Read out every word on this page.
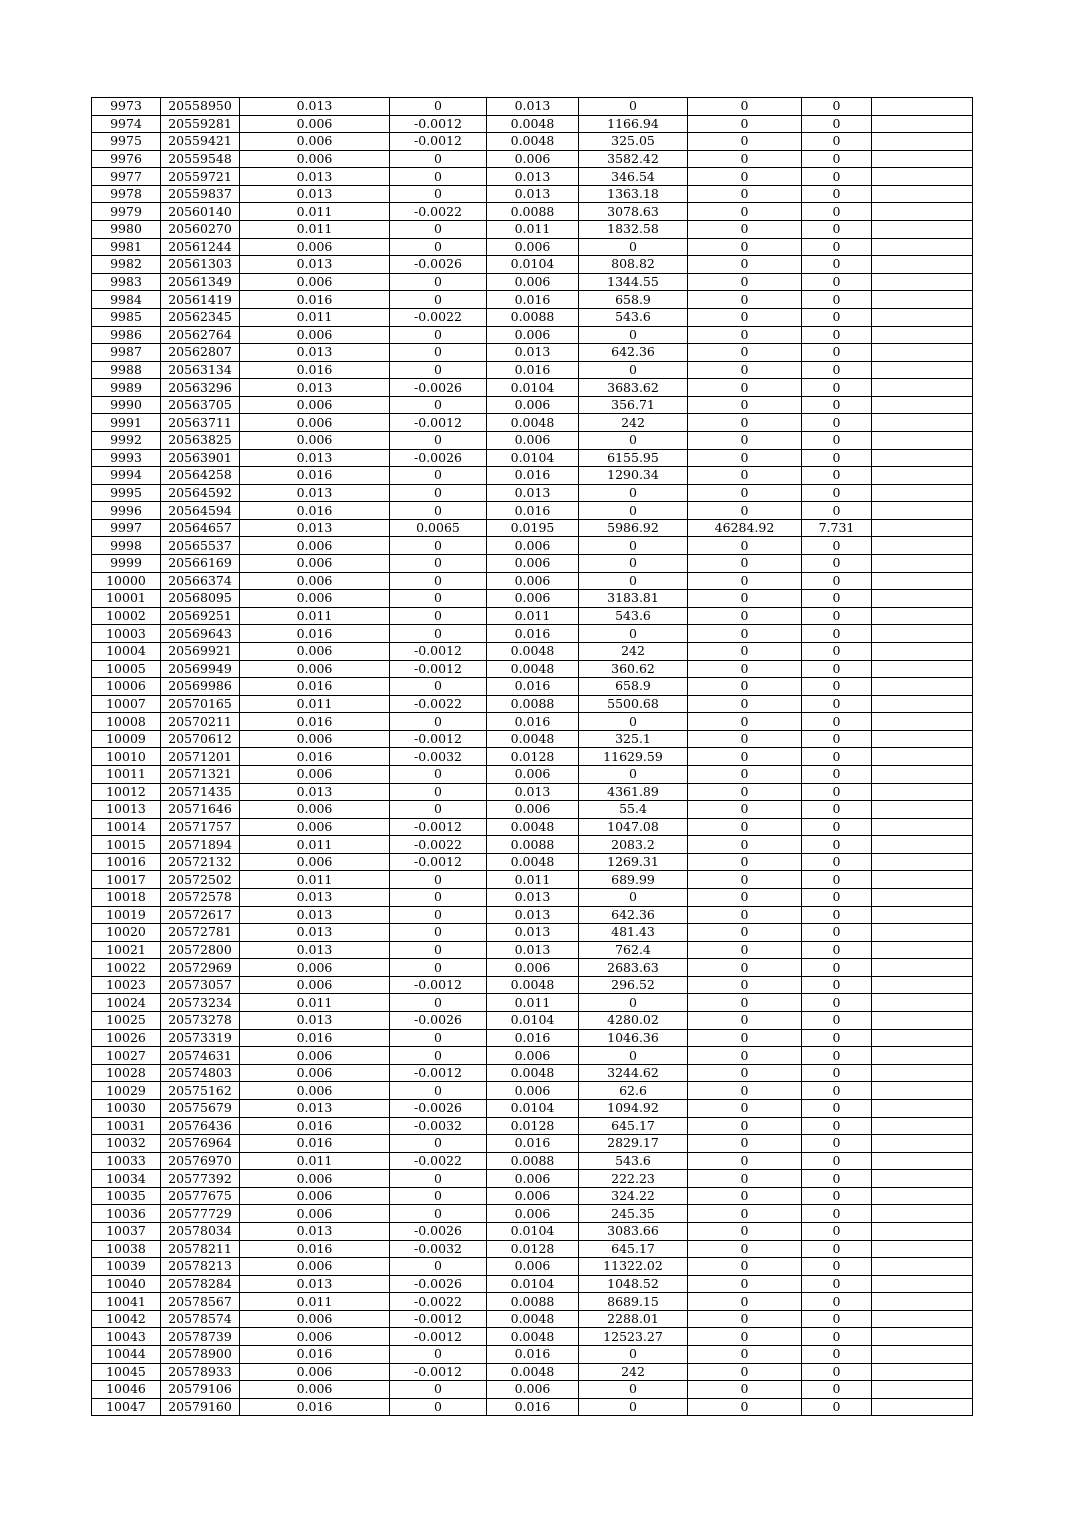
9973	20558950	0.013	0	0.013	0	0	0	
9974	20559281	0.006	-0.0012	0.0048	1166.94	0	0	
9975	20559421	0.006	-0.0012	0.0048	325.05	0	0	
9976	20559548	0.006	0	0.006	3582.42	0	0	
9977	20559721	0.013	0	0.013	346.54	0	0	
9978	20559837	0.013	0	0.013	1363.18	0	0	
9979	20560140	0.011	-0.0022	0.0088	3078.63	0	0	
9980	20560270	0.011	0	0.011	1832.58	0	0	
9981	20561244	0.006	0	0.006	0	0	0	
9982	20561303	0.013	-0.0026	0.0104	808.82	0	0	
9983	20561349	0.006	0	0.006	1344.55	0	0	
9984	20561419	0.016	0	0.016	658.9	0	0	
9985	20562345	0.011	-0.0022	0.0088	543.6	0	0	
9986	20562764	0.006	0	0.006	0	0	0	
9987	20562807	0.013	0	0.013	642.36	0	0	
9988	20563134	0.016	0	0.016	0	0	0	
9989	20563296	0.013	-0.0026	0.0104	3683.62	0	0	
9990	20563705	0.006	0	0.006	356.71	0	0	
9991	20563711	0.006	-0.0012	0.0048	242	0	0	
9992	20563825	0.006	0	0.006	0	0	0	
9993	20563901	0.013	-0.0026	0.0104	6155.95	0	0	
9994	20564258	0.016	0	0.016	1290.34	0	0	
9995	20564592	0.013	0	0.013	0	0	0	
9996	20564594	0.016	0	0.016	0	0	0	
9997	20564657	0.013	0.0065	0.0195	5986.92	46284.92	7.731	
9998	20565537	0.006	0	0.006	0	0	0	
9999	20566169	0.006	0	0.006	0	0	0	
10000	20566374	0.006	0	0.006	0	0	0	
10001	20568095	0.006	0	0.006	3183.81	0	0	
10002	20569251	0.011	0	0.011	543.6	0	0	
10003	20569643	0.016	0	0.016	0	0	0	
10004	20569921	0.006	-0.0012	0.0048	242	0	0	
10005	20569949	0.006	-0.0012	0.0048	360.62	0	0	
10006	20569986	0.016	0	0.016	658.9	0	0	
10007	20570165	0.011	-0.0022	0.0088	5500.68	0	0	
10008	20570211	0.016	0	0.016	0	0	0	
10009	20570612	0.006	-0.0012	0.0048	325.1	0	0	
10010	20571201	0.016	-0.0032	0.0128	11629.59	0	0	
10011	20571321	0.006	0	0.006	0	0	0	
10012	20571435	0.013	0	0.013	4361.89	0	0	
10013	20571646	0.006	0	0.006	55.4	0	0	
10014	20571757	0.006	-0.0012	0.0048	1047.08	0	0	
10015	20571894	0.011	-0.0022	0.0088	2083.2	0	0	
10016	20572132	0.006	-0.0012	0.0048	1269.31	0	0	
10017	20572502	0.011	0	0.011	689.99	0	0	
10018	20572578	0.013	0	0.013	0	0	0	
10019	20572617	0.013	0	0.013	642.36	0	0	
10020	20572781	0.013	0	0.013	481.43	0	0	
10021	20572800	0.013	0	0.013	762.4	0	0	
10022	20572969	0.006	0	0.006	2683.63	0	0	
10023	20573057	0.006	-0.0012	0.0048	296.52	0	0	
10024	20573234	0.011	0	0.011	0	0	0	
10025	20573278	0.013	-0.0026	0.0104	4280.02	0	0	
10026	20573319	0.016	0	0.016	1046.36	0	0	
10027	20574631	0.006	0	0.006	0	0	0	
10028	20574803	0.006	-0.0012	0.0048	3244.62	0	0	
10029	20575162	0.006	0	0.006	62.6	0	0	
10030	20575679	0.013	-0.0026	0.0104	1094.92	0	0	
10031	20576436	0.016	-0.0032	0.0128	645.17	0	0	
10032	20576964	0.016	0	0.016	2829.17	0	0	
10033	20576970	0.011	-0.0022	0.0088	543.6	0	0	
10034	20577392	0.006	0	0.006	222.23	0	0	
10035	20577675	0.006	0	0.006	324.22	0	0	
10036	20577729	0.006	0	0.006	245.35	0	0	
10037	20578034	0.013	-0.0026	0.0104	3083.66	0	0	
10038	20578211	0.016	-0.0032	0.0128	645.17	0	0	
10039	20578213	0.006	0	0.006	11322.02	0	0	
10040	20578284	0.013	-0.0026	0.0104	1048.52	0	0	
10041	20578567	0.011	-0.0022	0.0088	8689.15	0	0	
10042	20578574	0.006	-0.0012	0.0048	2288.01	0	0	
10043	20578739	0.006	-0.0012	0.0048	12523.27	0	0	
10044	20578900	0.016	0	0.016	0	0	0	
10045	20578933	0.006	-0.0012	0.0048	242	0	0	
10046	20579106	0.006	0	0.006	0	0	0	
10047	20579160	0.016	0	0.016	0	0	0	
